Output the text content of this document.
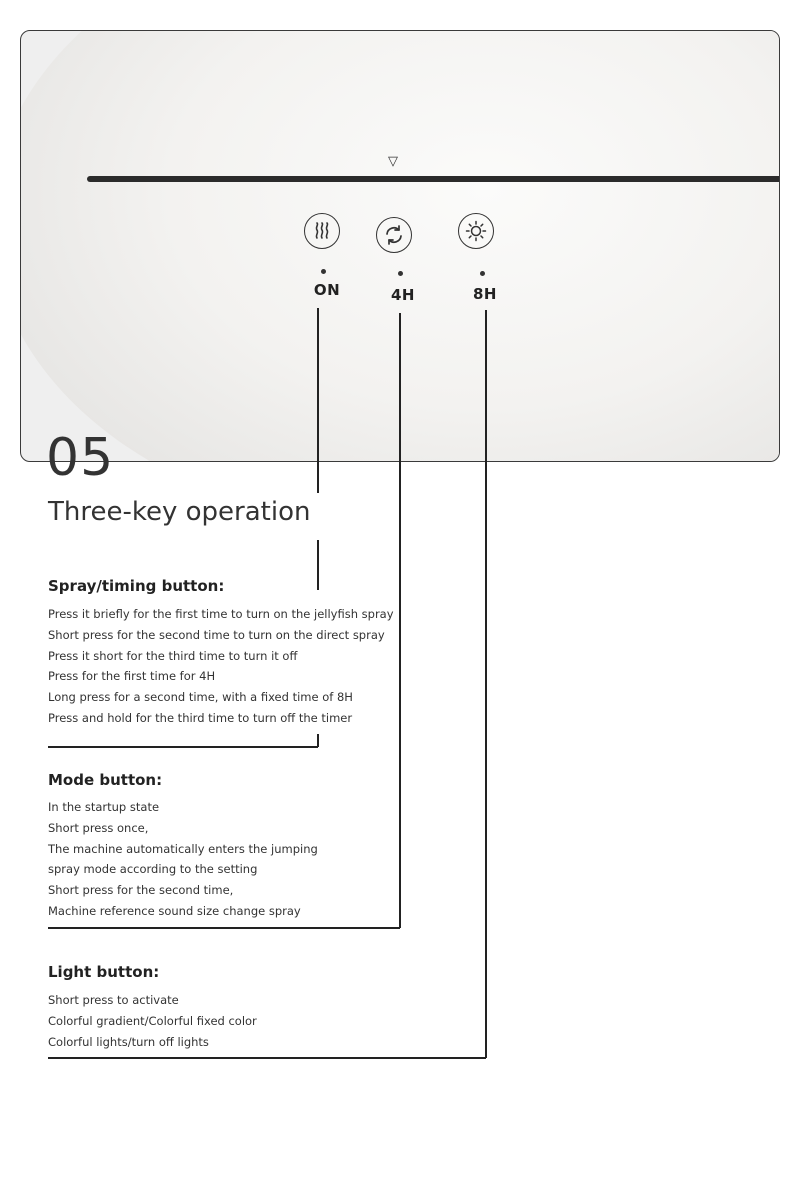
▽
ON	4H	8H
05
Three-key operation
Spray/timing button:
Press it briefly for the first time to turn on the jellyfish spray
Short press for the second time to turn on the direct spray
Press it short for the third time to turn it off
Press for the first time for 4H
Long press for a second time, with a fixed time of 8H
Press and hold for the third time to turn off the timer
Mode button:
In the startup state
Short press once,
The machine automatically enters the jumping
spray mode according to the setting
Short press for the second time,
Machine reference sound size change spray
Light button:
Short press to activate
Colorful gradient/Colorful fixed color
Colorful lights/turn off lights
